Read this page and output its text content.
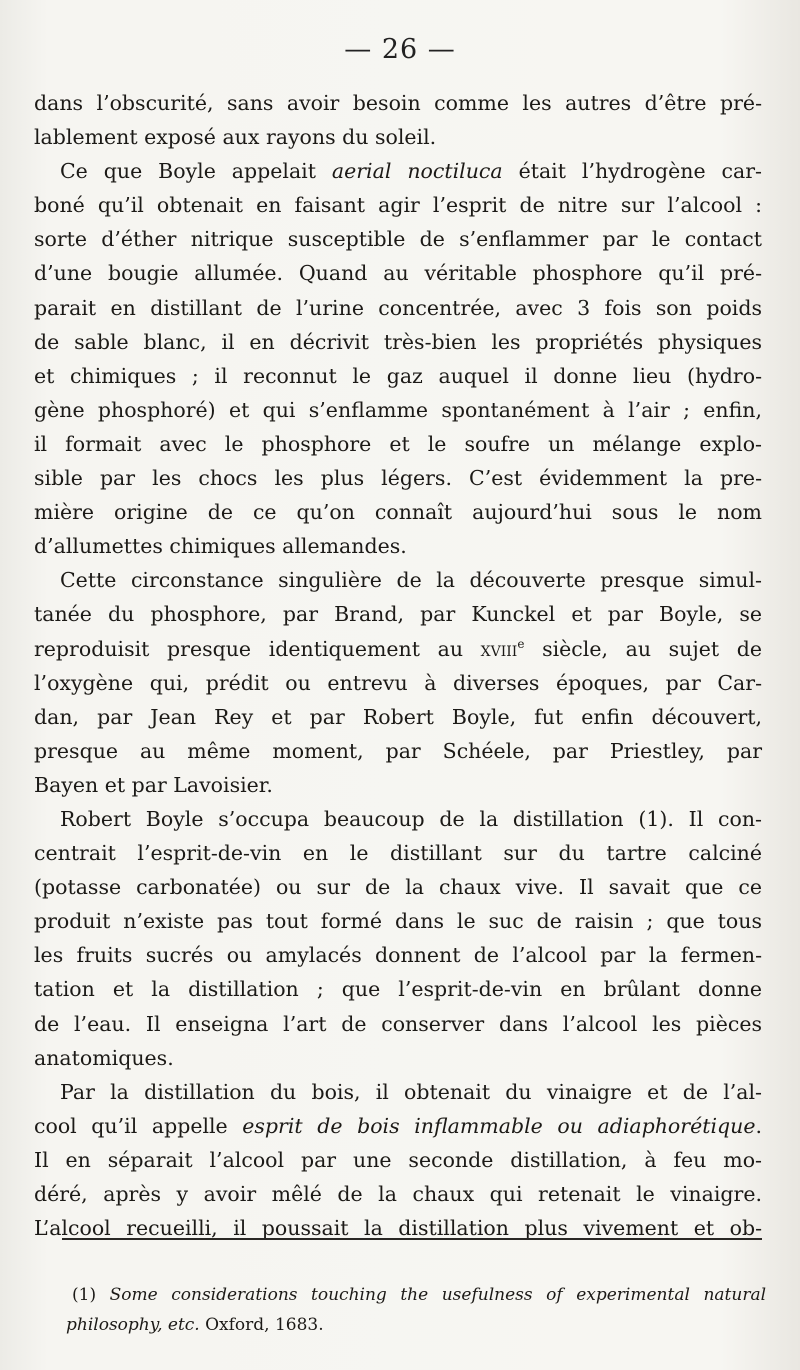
— 26 —
dans l’obscurité, sans avoir besoin comme les autres d’être pré-
lablement exposé aux rayons du soleil.
Ce que Boyle appelait aerial noctiluca était l’hydrogène car-
boné qu’il obtenait en faisant agir l’esprit de nitre sur l’alcool :
sorte d’éther nitrique susceptible de s’enflammer par le contact
d’une bougie allumée. Quand au véritable phosphore qu’il pré-
parait en distillant de l’urine concentrée, avec 3 fois son poids
de sable blanc, il en décrivit très-bien les propriétés physiques
et chimiques ; il reconnut le gaz auquel il donne lieu (hydro-
gène phosphoré) et qui s’enflamme spontanément à l’air ; enfin,
il formait avec le phosphore et le soufre un mélange explo-
sible par les chocs les plus légers. C’est évidemment la pre-
mière origine de ce qu’on connaît aujourd’hui sous le nom
d’allumettes chimiques allemandes.
Cette circonstance singulière de la découverte presque simul-
tanée du phosphore, par Brand, par Kunckel et par Boyle, se
reproduisit presque identiquement au xviii$^e$ siècle, au sujet de
l’oxygène qui, prédit ou entrevu à diverses époques, par Car-
dan, par Jean Rey et par Robert Boyle, fut enfin découvert,
presque au même moment, par Schéele, par Priestley, par
Bayen et par Lavoisier.
Robert Boyle s’occupa beaucoup de la distillation (1). Il con-
centrait l’esprit-de-vin en le distillant sur du tartre calciné
(potasse carbonatée) ou sur de la chaux vive. Il savait que ce
produit n’existe pas tout formé dans le suc de raisin ; que tous
les fruits sucrés ou amylacés donnent de l’alcool par la fermen-
tation et la distillation ; que l’esprit-de-vin en brûlant donne
de l’eau. Il enseigna l’art de conserver dans l’alcool les pièces
anatomiques.
Par la distillation du bois, il obtenait du vinaigre et de l’al-
cool qu’il appelle esprit de bois inflammable ou adiaphorétique.
Il en séparait l’alcool par une seconde distillation, à feu mo-
déré, après y avoir mêlé de la chaux qui retenait le vinaigre.
L’alcool recueilli, il poussait la distillation plus vivement et ob-
(1) Some considerations touching the usefulness of experimental natural
philosophy, etc. Oxford, 1683.
